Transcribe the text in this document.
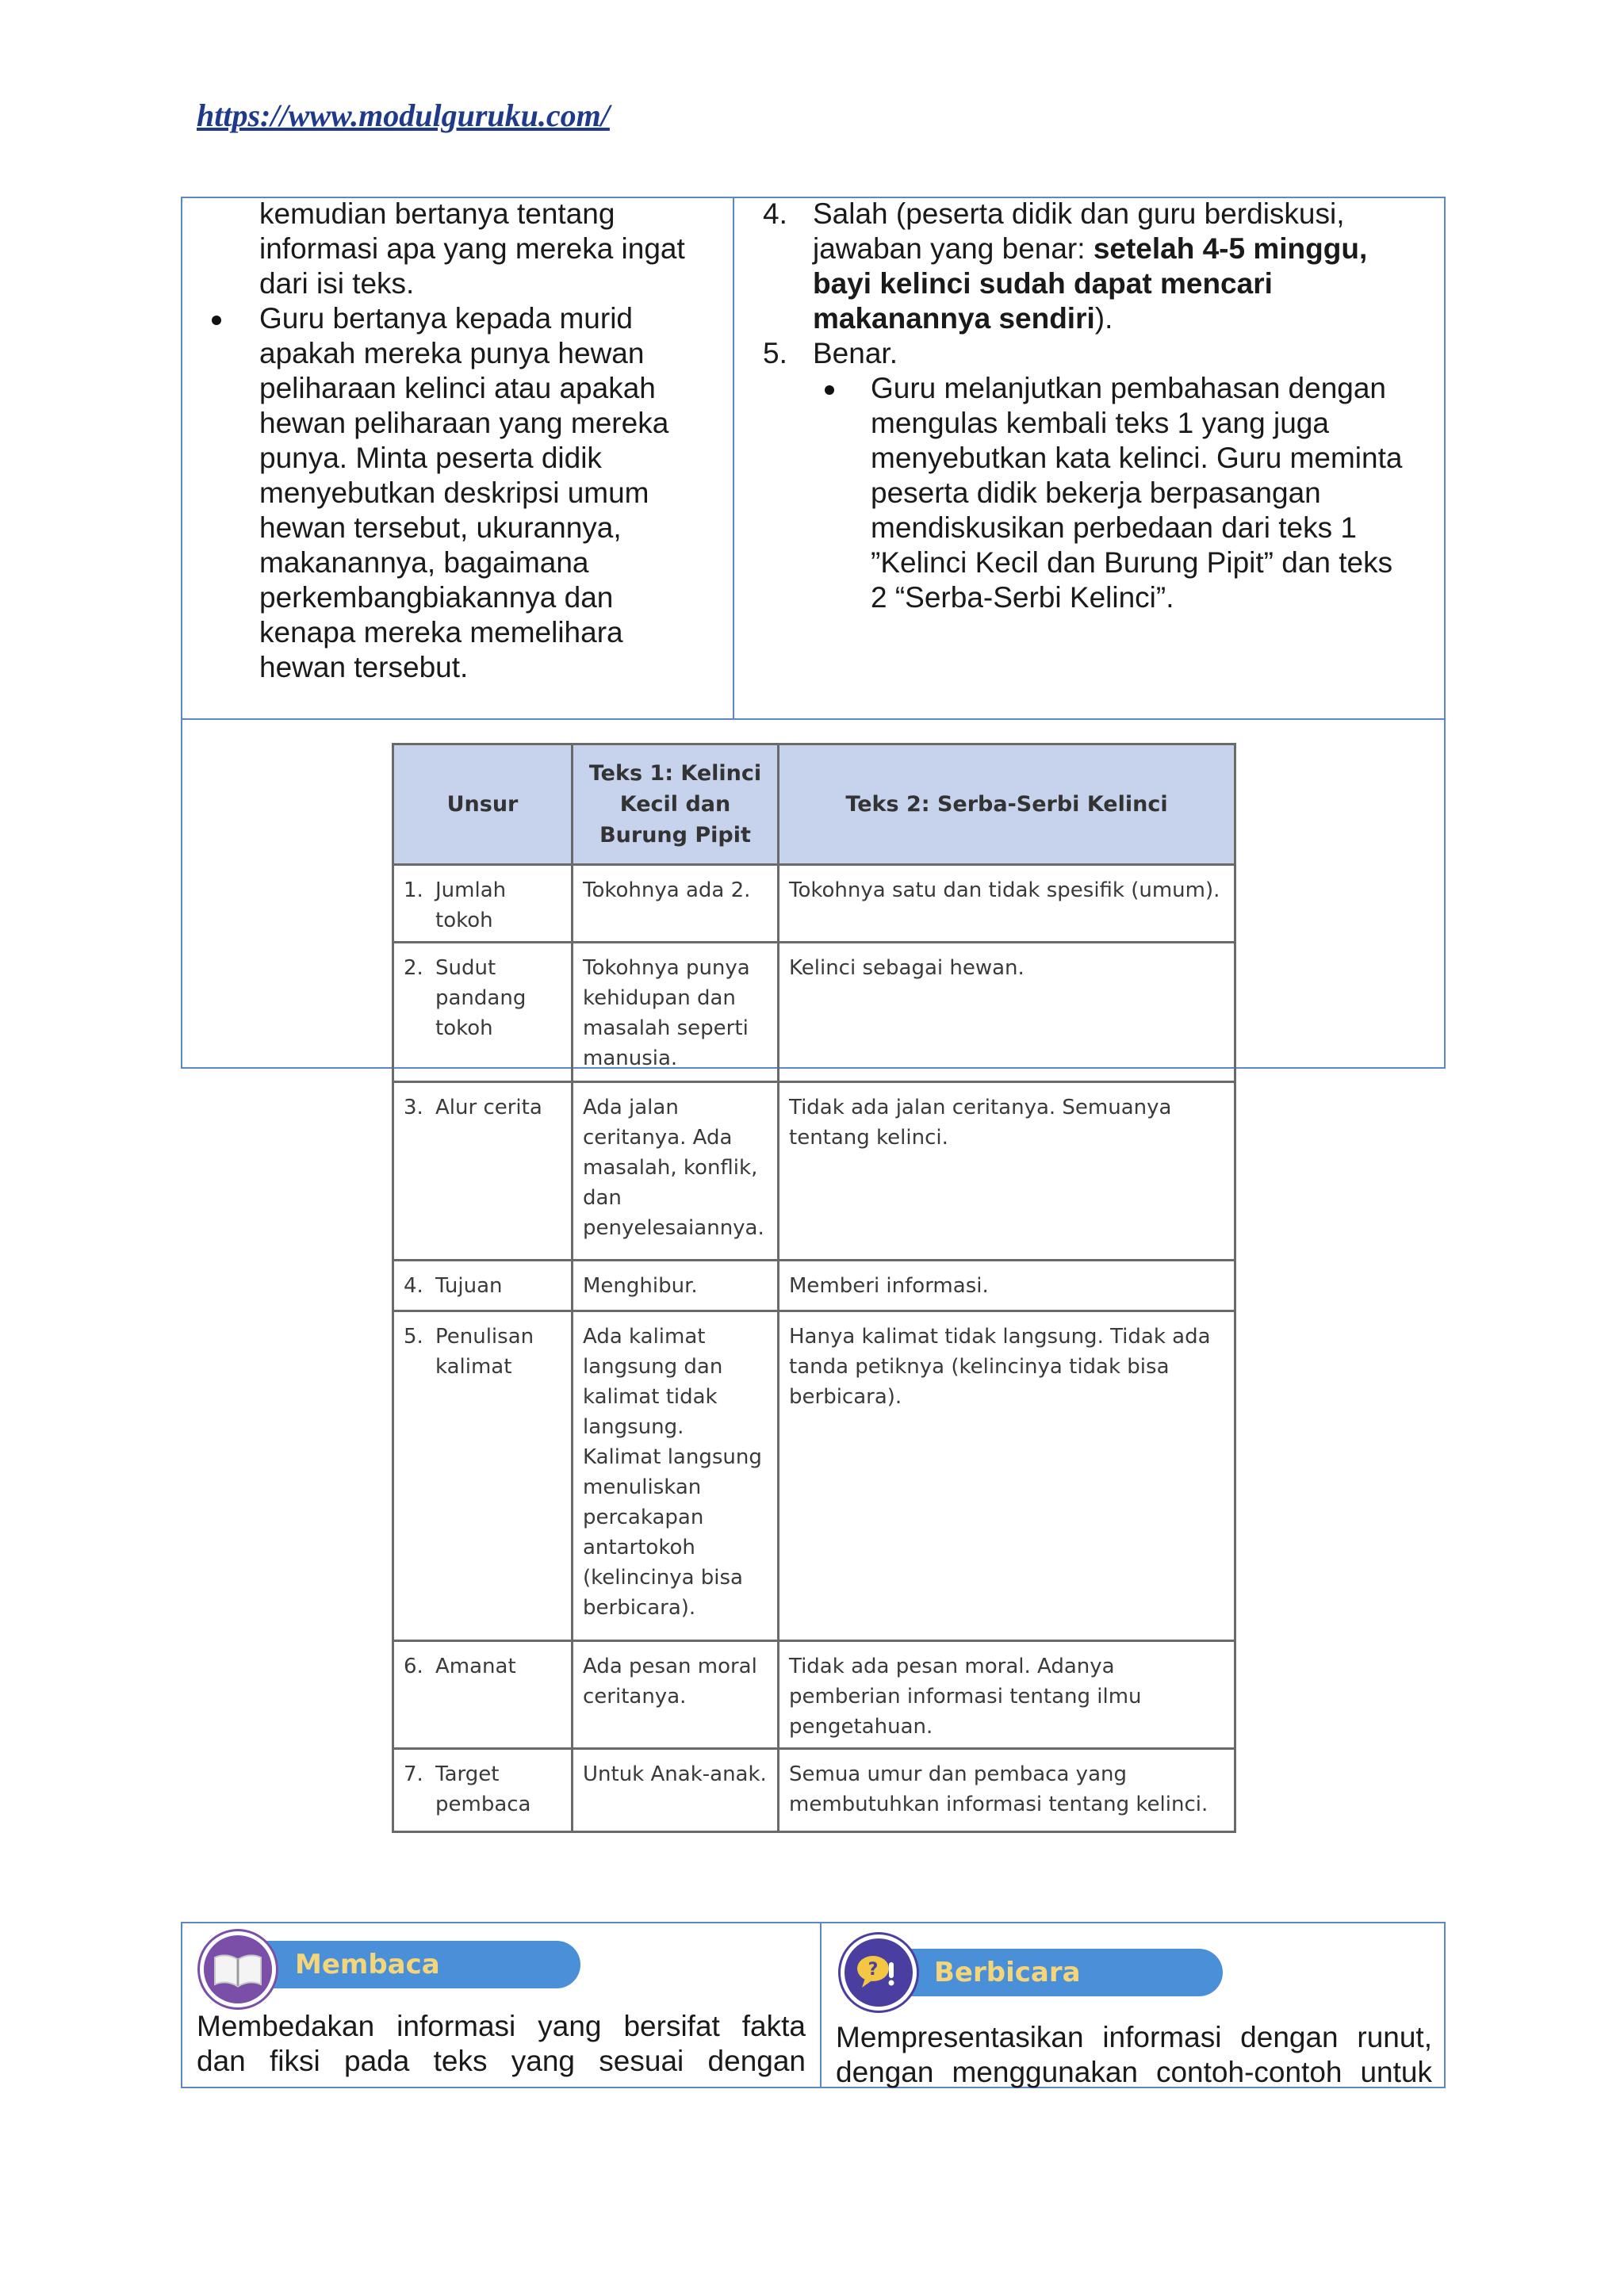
https://www.modulguruku.com/
kemudian bertanya tentang
informasi apa yang mereka ingat
dari isi teks.
Guru bertanya kepada murid
apakah mereka punya hewan
peliharaan kelinci atau apakah
hewan peliharaan yang mereka
punya. Minta peserta didik
menyebutkan deskripsi umum
hewan tersebut, ukurannya,
makanannya, bagaimana
perkembangbiakannya dan
kenapa mereka memelihara
hewan tersebut.
4. Salah (peserta didik dan guru berdiskusi,
jawaban yang benar: setelah 4-5 minggu,
bayi kelinci sudah dapat mencari
makanannya sendiri).
5. Benar.
Guru melanjutkan pembahasan dengan
mengulas kembali teks 1 yang juga
menyebutkan kata kelinci. Guru meminta
peserta didik bekerja berpasangan
mendiskusikan perbedaan dari teks 1
”Kelinci Kecil dan Burung Pipit” dan teks
2 “Serba-Serbi Kelinci”.
Unsur	Teks 1: Kelinci Kecil dan Burung Pipit	Teks 2: Serba-Serbi Kelinci

1. Jumlah tokoh	Tokohnya ada 2.	Tokohnya satu dan tidak spesifik (umum).

2. Sudut pandang tokoh	Tokohnya punya kehidupan dan masalah seperti manusia.	Kelinci sebagai hewan.

3. Alur cerita	Ada jalan ceritanya. Ada masalah, konflik, dan penyelesaiannya.	Tidak ada jalan ceritanya. Semuanya tentang kelinci.

4. Tujuan	Menghibur.	Memberi informasi.

5. Penulisan kalimat	Ada kalimat langsung dan kalimat tidak langsung. Kalimat langsung menuliskan percakapan antartokoh (kelincinya bisa berbicara).	Hanya kalimat tidak langsung. Tidak ada tanda petiknya (kelincinya tidak bisa berbicara).

6. Amanat	Ada pesan moral ceritanya.	Tidak ada pesan moral. Adanya pemberian informasi tentang ilmu pengetahuan.

7. Target pembaca	Untuk Anak-anak.	Semua umur dan pembaca yang membutuhkan informasi tentang kelinci.
Membaca
Membedakan informasi yang bersifat fakta
dan fiksi pada teks yang sesuai dengan
Berbicara
?
Mempresentasikan informasi dengan runut,
dengan menggunakan contoh-contoh untuk
